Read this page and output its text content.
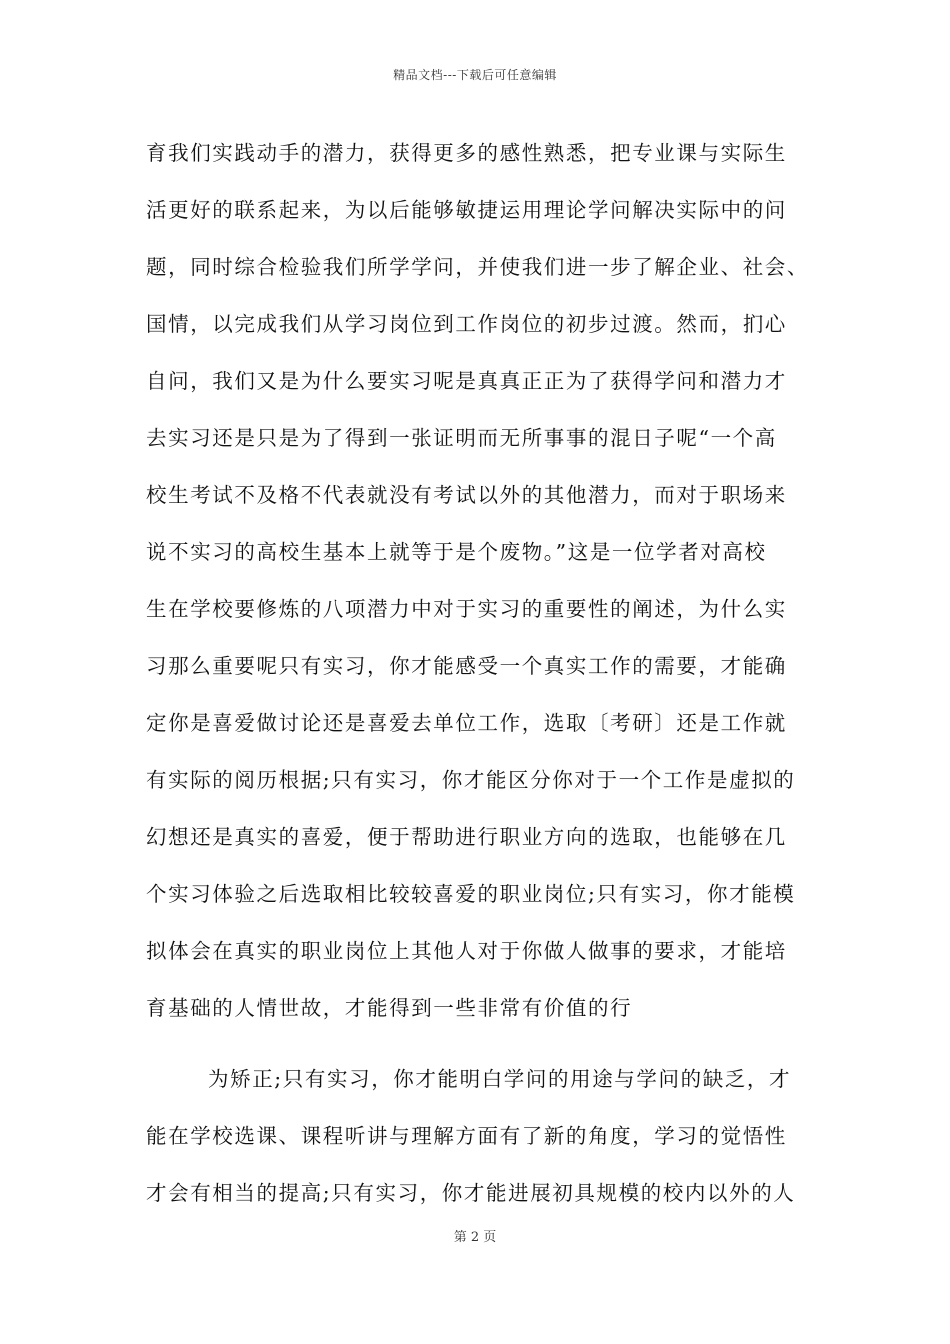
精品文档---下载后可任意编辑
育我们实践动手的潜力，获得更多的感性熟悉，把专业课与实际生
活更好的联系起来，为以后能够敏捷运用理论学问解决实际中的问
题，同时综合检验我们所学学问，并使我们进一步了解企业、社会、
国情，以完成我们从学习岗位到工作岗位的初步过渡。然而，扪心
自问，我们又是为什么要实习呢是真真正正为了获得学问和潜力才
去实习还是只是为了得到一张证明而无所事事的混日子呢“一个高
校生考试不及格不代表就没有考试以外的其他潜力，而对于职场来
说不实习的高校生基本上就等于是个废物。”这是一位学者对高校
生在学校要修炼的八项潜力中对于实习的重要性的阐述，为什么实
习那么重要呢只有实习，你才能感受一个真实工作的需要，才能确
定你是喜爱做讨论还是喜爱去单位工作，选取〔考研〕还是工作就
有实际的阅历根据;只有实习，你才能区分你对于一个工作是虚拟的
幻想还是真实的喜爱，便于帮助进行职业方向的选取，也能够在几
个实习体验之后选取相比较较喜爱的职业岗位;只有实习，你才能模
拟体会在真实的职业岗位上其他人对于你做人做事的要求，才能培
育基础的人情世故，才能得到一些非常有价值的行
为矫正;只有实习，你才能明白学问的用途与学问的缺乏，才
能在学校选课、课程听讲与理解方面有了新的角度，学习的觉悟性
才会有相当的提高;只有实习，你才能进展初具规模的校内以外的人
第 2 页
